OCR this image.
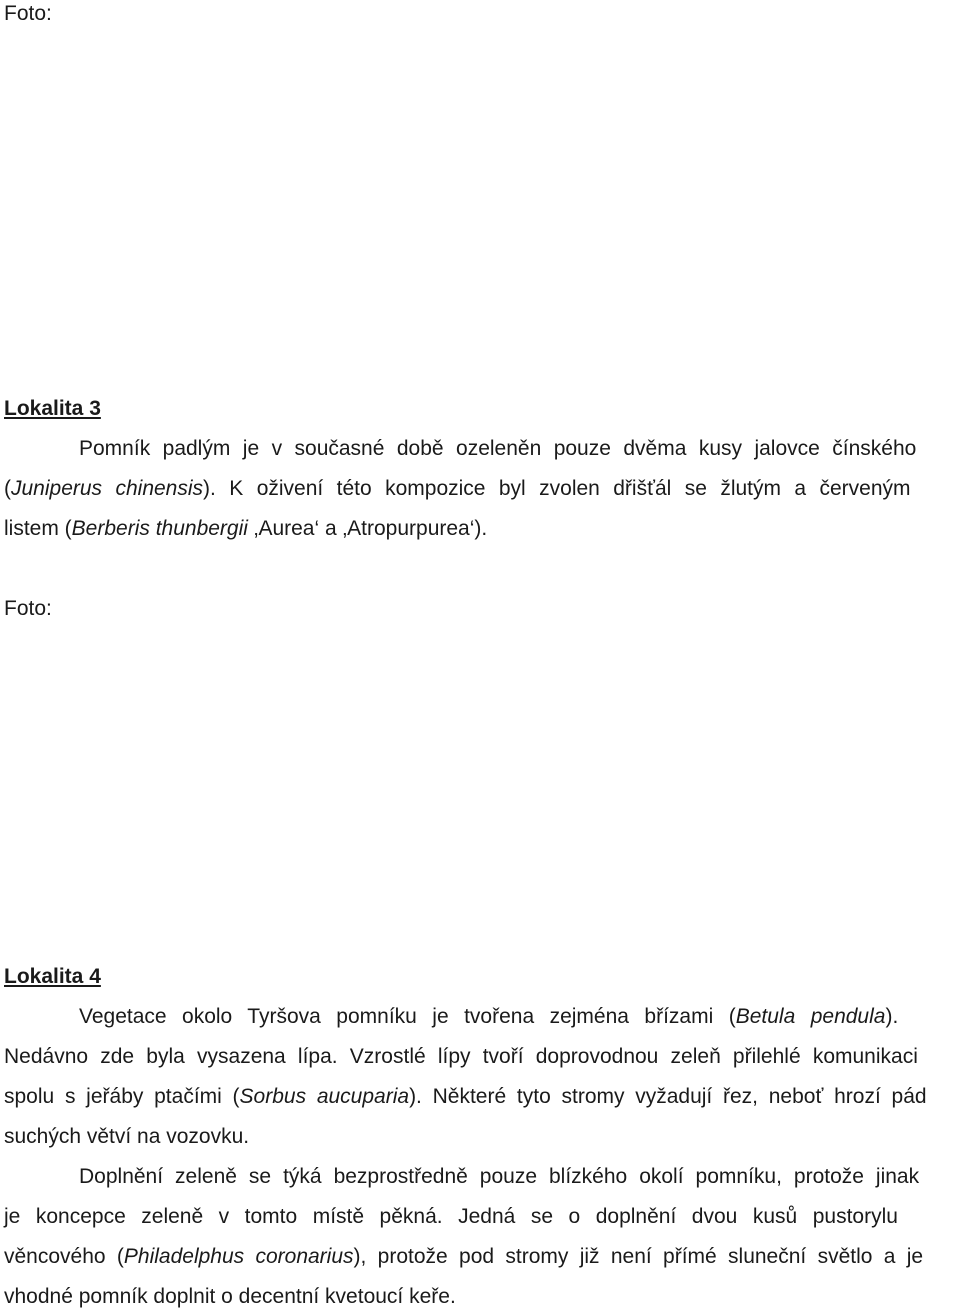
Foto:
Lokalita 3
Pomník padlým je v současné době ozeleněn pouze dvěma kusy jalovce čínského
(Juniperus chinensis). K oživení této kompozice byl zvolen dřišťál se žlutým a červeným
listem (Berberis thunbergii ‚Aurea‘ a ‚Atropurpurea‘).
Foto:
Lokalita 4
Vegetace okolo Tyršova pomníku je tvořena zejména břízami (Betula pendula).
Nedávno zde byla vysazena lípa. Vzrostlé lípy tvoří doprovodnou zeleň přilehlé komunikaci
spolu s jeřáby ptačími (Sorbus aucuparia). Některé tyto stromy vyžadují řez, neboť hrozí pád
suchých větví na vozovku.
Doplnění zeleně se týká bezprostředně pouze blízkého okolí pomníku, protože jinak
je koncepce zeleně v tomto místě pěkná. Jedná se o doplnění dvou kusů pustorylu
věncového (Philadelphus coronarius), protože pod stromy již není přímé sluneční světlo a je
vhodné pomník doplnit o decentní kvetoucí keře.
